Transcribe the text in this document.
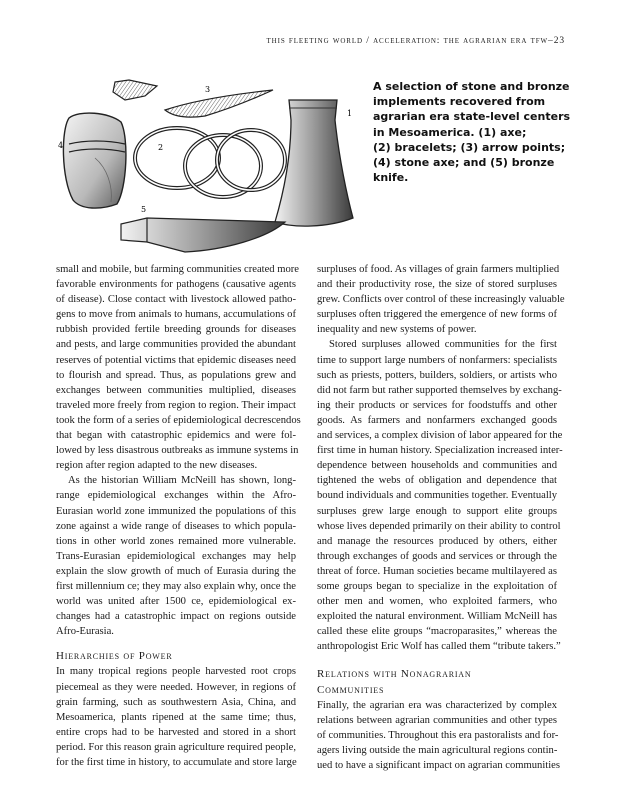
this fleeting world / acceleration: the agrarian era tfw–23
1
2
3
4
5
A selection of stone and bronze
implements recovered from
agrarian era state-level centers
in Mesoamerica. (1) axe;
(2) bracelets; (3) arrow points;
(4) stone axe; and (5) bronze
knife.

small and mobile, but farming communities created more
favorable environments for pathogens (causative agents
of disease). Close contact with livestock allowed patho-
gens to move from animals to humans, accumulations of
rubbish provided fertile breeding grounds for diseases
and pests, and large communities provided the abundant
reserves of potential victims that epidemic diseases need
to flourish and spread. Thus, as populations grew and
exchanges between communities multiplied, diseases
traveled more freely from region to region. Their impact
took the form of a series of epidemiological decrescendos
that began with catastrophic epidemics and were fol-
lowed by less disastrous outbreaks as immune systems in
region after region adapted to the new diseases.

As the historian William McNeill has shown, long-
range epidemiological exchanges within the Afro-
Eurasian world zone immunized the populations of this
zone against a wide range of diseases to which popula-
tions in other world zones remained more vulnerable.
Trans-Eurasian epidemiological exchanges may help
explain the slow growth of much of Eurasia during the
first millennium ce; they may also explain why, once the
world was united after 1500 ce, epidemiological ex-
changes had a catastrophic impact on regions outside
Afro-Eurasia.

Hierarchies of Power

In many tropical regions people harvested root crops
piecemeal as they were needed. However, in regions of
grain farming, such as southwestern Asia, China, and
Mesoamerica, plants ripened at the same time; thus,
entire crops had to be harvested and stored in a short
period. For this reason grain agriculture required people,
for the first time in history, to accumulate and store large

surpluses of food. As villages of grain farmers multiplied
and their productivity rose, the size of stored surpluses
grew. Conflicts over control of these increasingly valuable
surpluses often triggered the emergence of new forms of
inequality and new systems of power.

Stored surpluses allowed communities for the first
time to support large numbers of nonfarmers: specialists
such as priests, potters, builders, soldiers, or artists who
did not farm but rather supported themselves by exchang-
ing their products or services for foodstuffs and other
goods. As farmers and nonfarmers exchanged goods
and services, a complex division of labor appeared for the
first time in human history. Specialization increased inter-
dependence between households and communities and
tightened the webs of obligation and dependence that
bound individuals and communities together. Eventually
surpluses grew large enough to support elite groups
whose lives depended primarily on their ability to control
and manage the resources produced by others, either
through exchanges of goods and services or through the
threat of force. Human societies became multilayered as
some groups began to specialize in the exploitation of
other men and women, who exploited farmers, who
exploited the natural environment. William McNeill has
called these elite groups “macroparasites,” whereas the
anthropologist Eric Wolf has called them “tribute takers.”

Relations with Nonagrarian
Communities

Finally, the agrarian era was characterized by complex
relations between agrarian communities and other types
of communities. Throughout this era pastoralists and for-
agers living outside the main agricultural regions contin-
ued to have a significant impact on agrarian communities
